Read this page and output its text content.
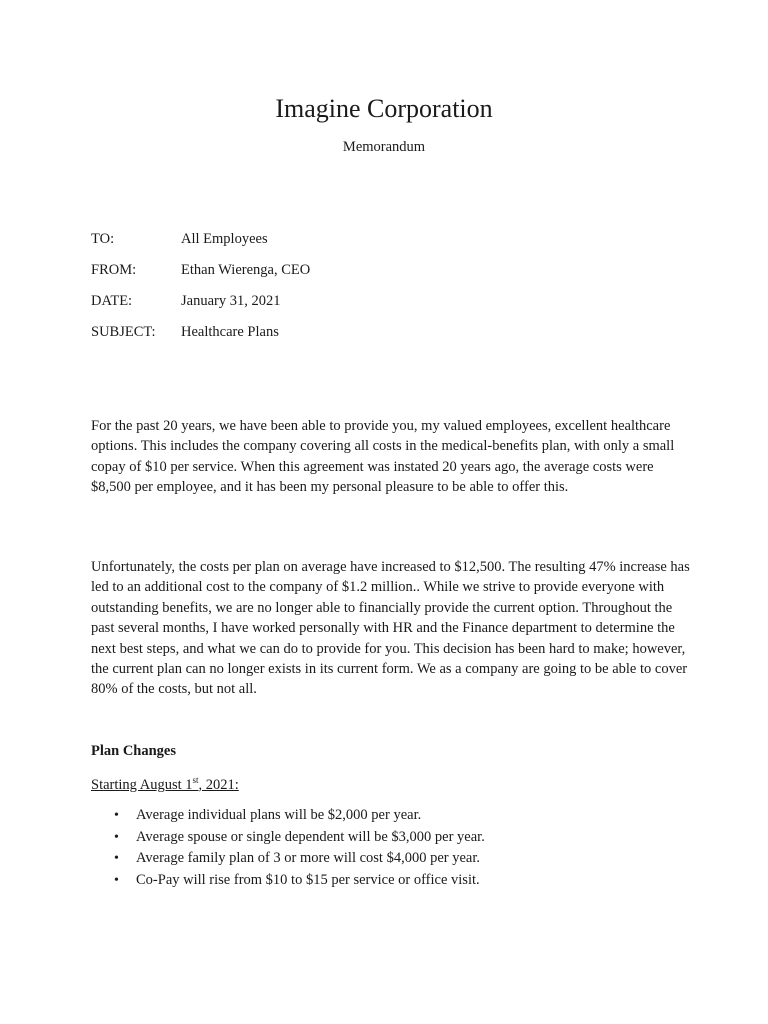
Imagine Corporation
Memorandum
TO:	All Employees
FROM:	Ethan Wierenga, CEO
DATE:	January 31, 2021
SUBJECT:	Healthcare Plans

For the past 20 years, we have been able to provide you, my valued employees, excellent healthcare options. This includes the company covering all costs in the medical-benefits plan, with only a small copay of $10 per service. When this agreement was instated 20 years ago, the average costs were $8,500 per employee, and it has been my personal pleasure to be able to offer this.

Unfortunately, the costs per plan on average have increased to $12,500. The resulting 47% increase has led to an additional cost to the company of $1.2 million.. While we strive to provide everyone with outstanding benefits, we are no longer able to financially provide the current option. Throughout the past several months, I have worked personally with HR and the Finance department to determine the next best steps, and what we can do to provide for you. This decision has been hard to make; however, the current plan can no longer exists in its current form. We as a company are going to be able to cover 80% of the costs, but not all.

Plan Changes
Starting August 1st, 2021:
• Average individual plans will be $2,000 per year.
• Average spouse or single dependent will be $3,000 per year.
• Average family plan of 3 or more will cost $4,000 per year.
• Co-Pay will rise from $10 to $15 per service or office visit.
